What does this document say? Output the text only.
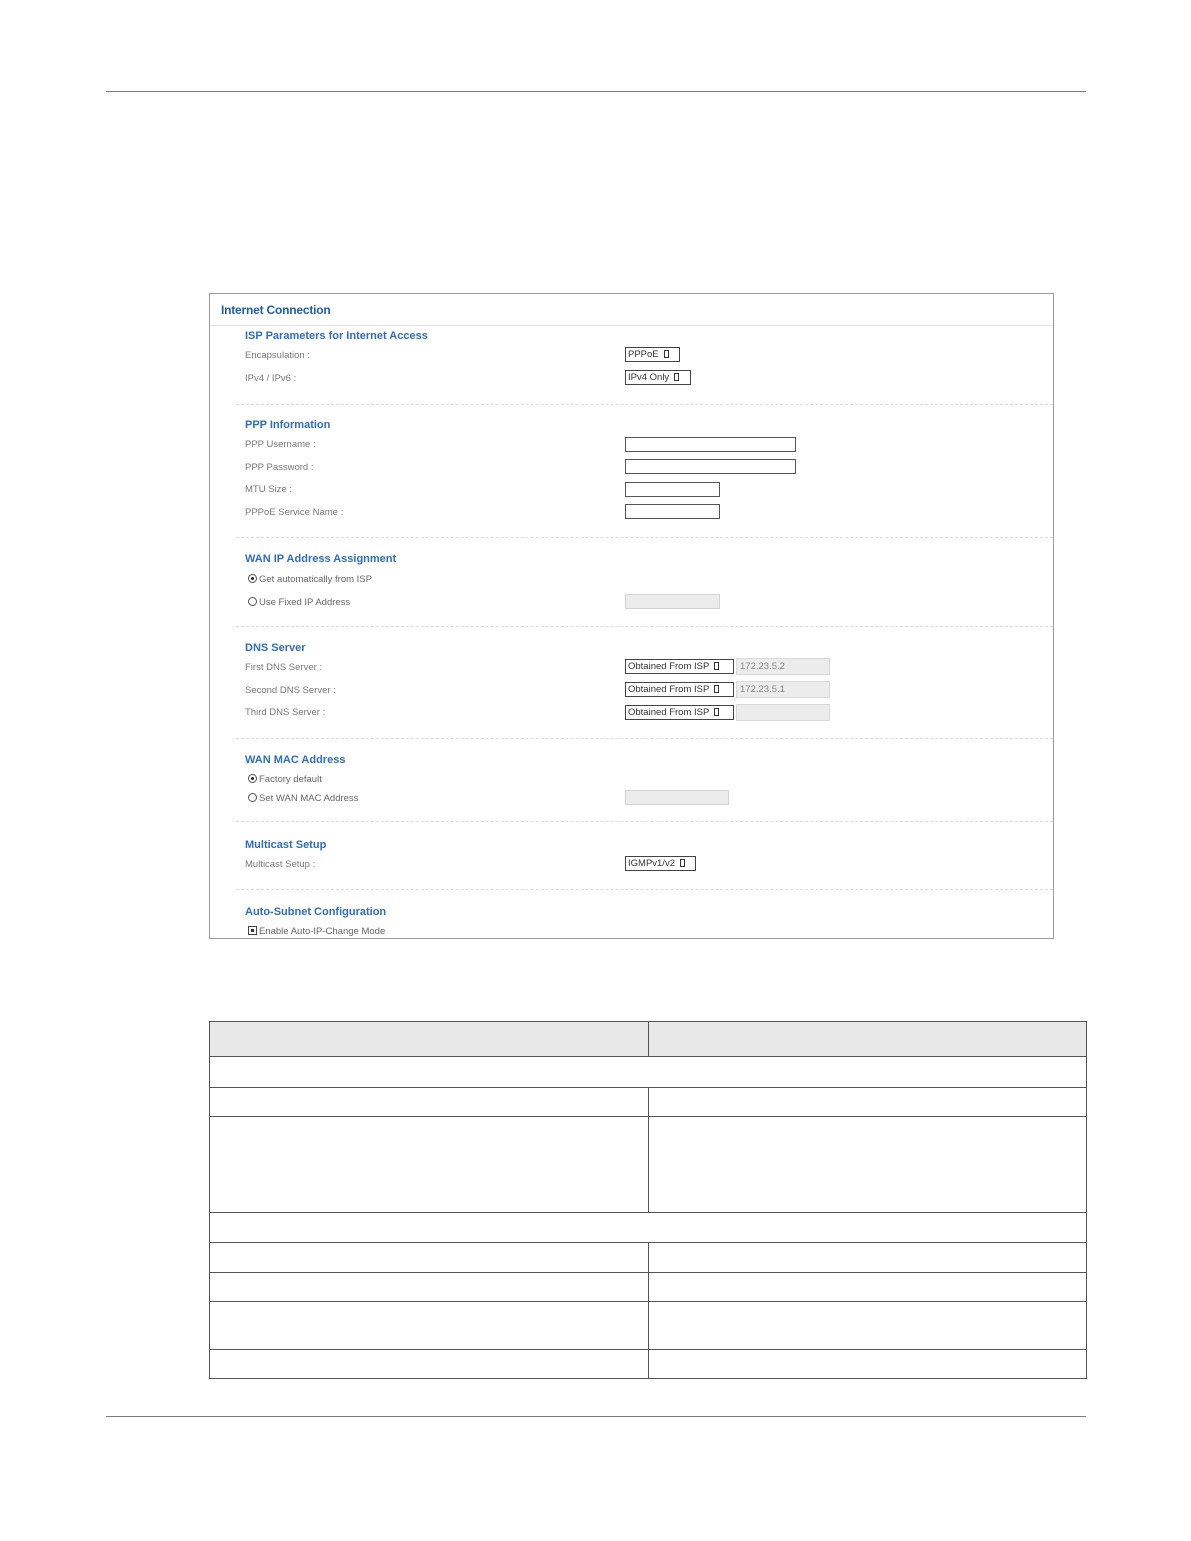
Internet Connection
ISP Parameters for Internet Access
Encapsulation :	PPPoE
IPv4 / IPv6 :	IPv4 Only
PPP Information
PPP Username :
PPP Password :
MTU Size :
PPPoE Service Name :
WAN IP Address Assignment
Get automatically from ISP
Use Fixed IP Address
DNS Server
First DNS Server :	Obtained From ISP	172.23.5.2
Second DNS Server :	Obtained From ISP	172.23.5.1
Third DNS Server :	Obtained From ISP
WAN MAC Address
Factory default
Set WAN MAC Address
Multicast Setup
Multicast Setup :	IGMPv1/v2
Auto-Subnet Configuration
Enable Auto-IP-Change Mode
